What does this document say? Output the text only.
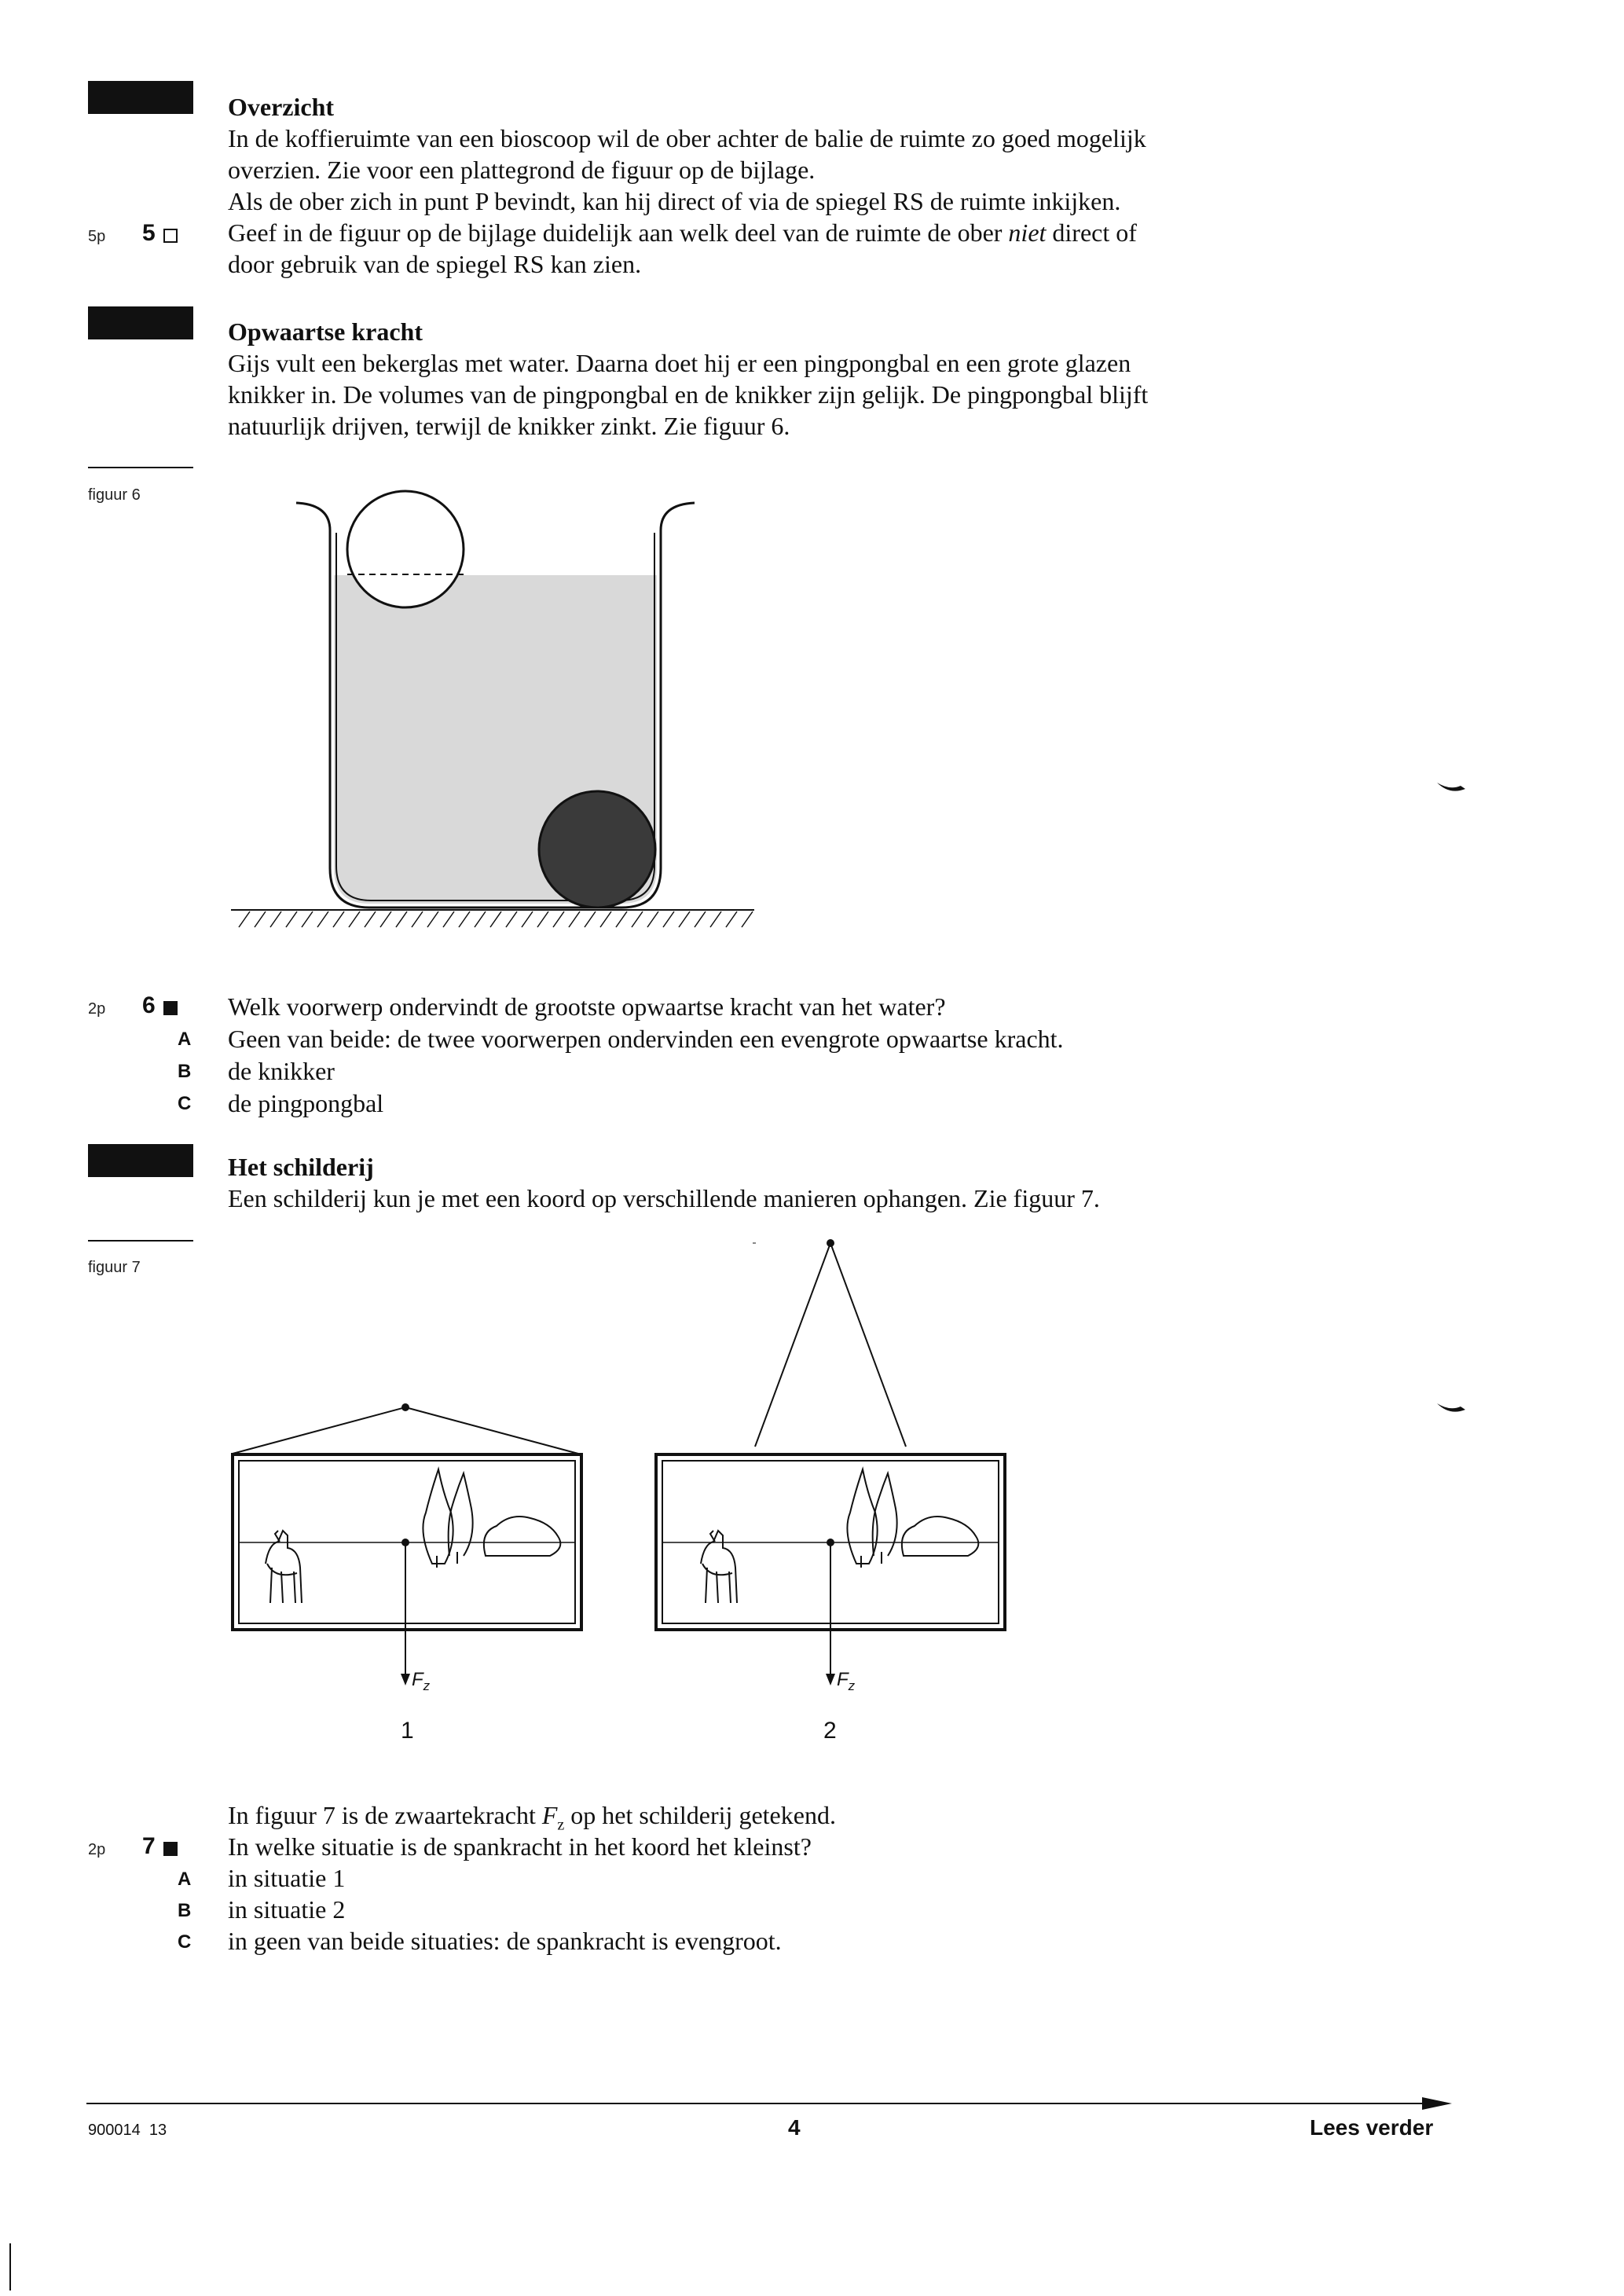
Overzicht
In de koffieruimte van een bioscoop wil de ober achter de balie de ruimte zo goed mogelijk
overzien. Zie voor een plattegrond de figuur op de bijlage.
Als de ober zich in punt P bevindt, kan hij direct of via de spiegel RS de ruimte inkijken.
5p 5	Geef in de figuur op de bijlage duidelijk aan welk deel van de ruimte de ober niet direct of
door gebruik van de spiegel RS kan zien.
Opwaartse kracht
Gijs vult een bekerglas met water. Daarna doet hij er een pingpongbal en een grote glazen
knikker in. De volumes van de pingpongbal en de knikker zijn gelijk. De pingpongbal blijft
natuurlijk drijven, terwijl de knikker zinkt. Zie figuur 6.
figuur 6
2p 6	Welk voorwerp ondervindt de grootste opwaartse kracht van het water?
A Geen van beide: de twee voorwerpen ondervinden een evengrote opwaartse kracht.
B de knikker
C de pingpongbal
Het schilderij
Een schilderij kun je met een koord op verschillende manieren ophangen. Zie figuur 7.
figuur 7
$F_z$
1
$F_z$
2
In figuur 7 is de zwaartekracht $F_z$ op het schilderij getekend.
2p 7	In welke situatie is de spankracht in het koord het kleinst?
A in situatie 1
B in situatie 2
C in geen van beide situaties: de spankracht is evengroot.
900014  13	4	Lees verder
